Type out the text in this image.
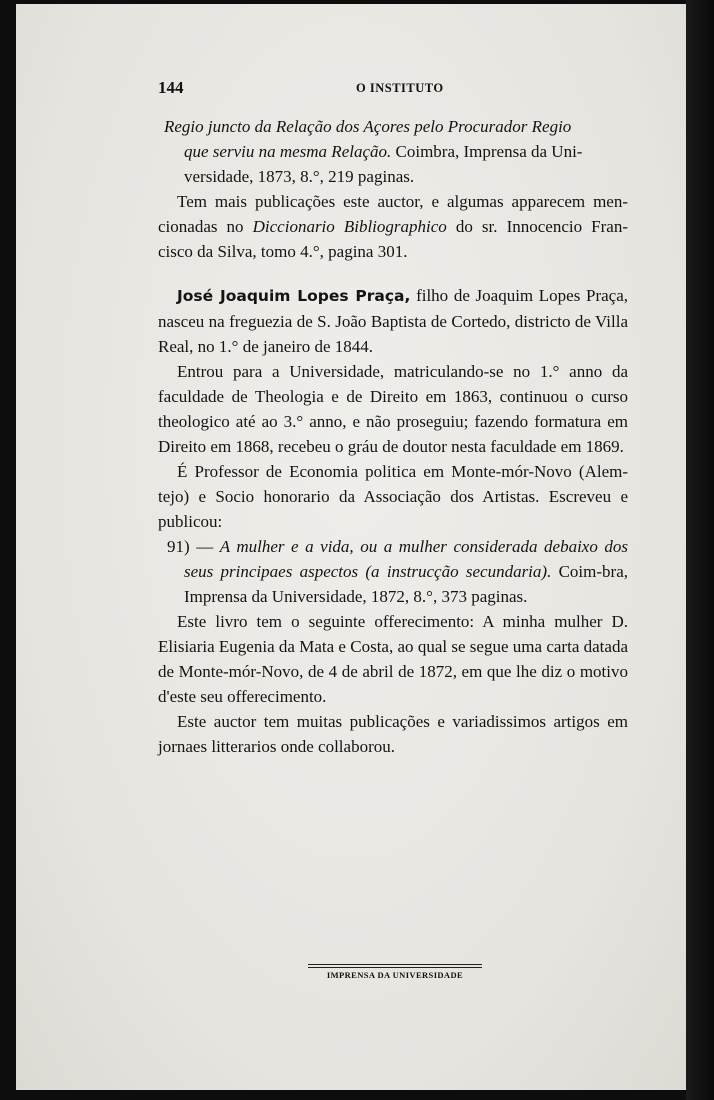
144	O INSTITUTO

Regio juncto da Relação dos Açores pelo Procurador Regio
que serviu na mesma Relação. Coimbra, Imprensa da Uni-
versidade, 1873, 8.°, 219 paginas.

Tem mais publicações este auctor, e algumas apparecem men-cionadas no Diccionario Bibliographico do sr. Innocencio Fran-cisco da Silva, tomo 4.°, pagina 301.

José Joaquim Lopes Praça, filho de Joaquim Lopes Praça, nasceu na freguezia de S. João Baptista de Cortedo, districto de Villa Real, no 1.° de janeiro de 1844.

Entrou para a Universidade, matriculando-se no 1.° anno da faculdade de Theologia e de Direito em 1863, continuou o curso theologico até ao 3.° anno, e não proseguiu; fazendo formatura em Direito em 1868, recebeu o gráu de doutor nesta faculdade em 1869.

É Professor de Economia politica em Monte-mór-Novo (Alem-tejo) e Socio honorario da Associação dos Artistas. Escreveu e publicou:

91) — A mulher e a vida, ou a mulher considerada debaixo dos seus principaes aspectos (a instrucção secundaria). Coim-bra, Imprensa da Universidade, 1872, 8.°, 373 paginas.

Este livro tem o seguinte offerecimento: A minha mulher D. Elisiaria Eugenia da Mata e Costa, ao qual se segue uma carta datada de Monte-mór-Novo, de 4 de abril de 1872, em que lhe diz o motivo d'este seu offerecimento.

Este auctor tem muitas publicações e variadissimos artigos em jornaes litterarios onde collaborou.

IMPRENSA DA UNIVERSIDADE
